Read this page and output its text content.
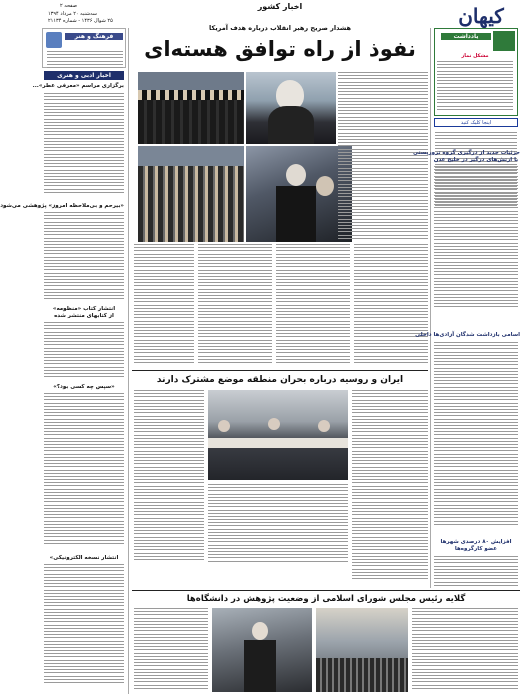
صفحه ۲
سه‌شنبه ۲۰ مرداد ۱۳۹۴
۲۵ شوال ۱۴۳۶ - شماره ۲۱۱۳۴
اخبار کشور	کیهان
یادداشت
مشکل نماز
اینجا کلیک کنید
فرهنگ و هنر
اخبار ادبی و هنری
برگزاری مراسم «معرفی عطر»...
«بیرحم و بی‌ملاحظه امروز» پژوهشی می‌شود
انتشار کتاب «منظومه»
از کتابهای منتشر شده
«سپس چه کسی بود؟»
انتشار نسخه الکترونیکی»
هشدار صریح رهبر انقلاب درباره هدف آمریکا
نفوذ از راه توافق هسته‌ای
جزئیات جدید از درگیری گروه تروریستی
با ارتش‌های درگیر در خلیج عدن
اسامی بازداشت شدگان آزادی‌ها داخلی
افزایش ۸۰ درصدی شهرها
عضو کارگروه‌ها
ایران و روسیه درباره بحران منطقه موضع مشترک دارند
گلایه رئیس مجلس شورای اسلامی از وضعیت پژوهش در دانشگاه‌ها
